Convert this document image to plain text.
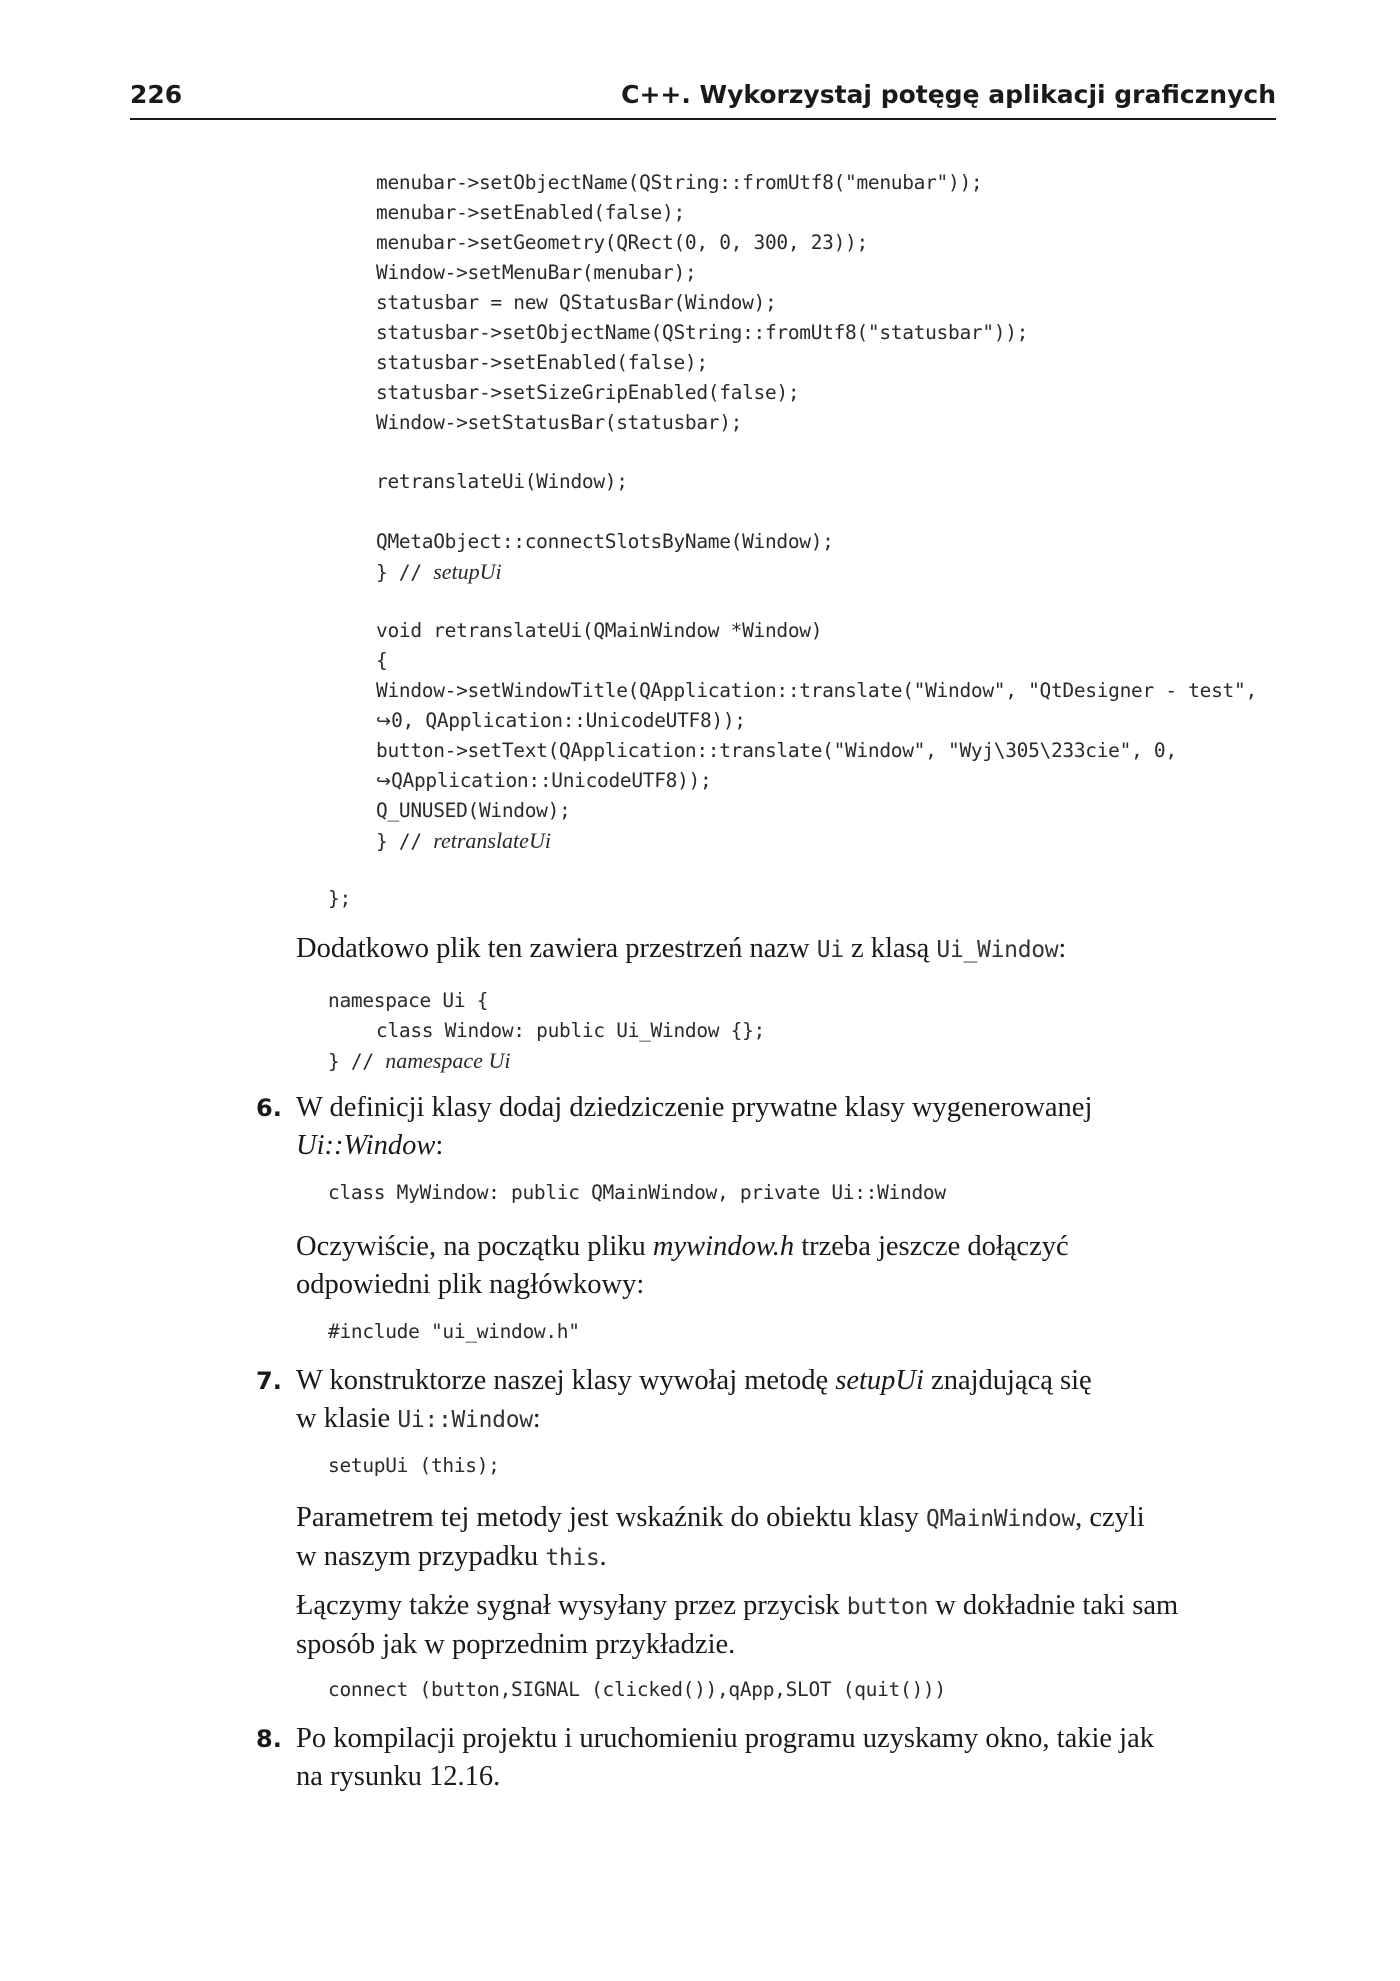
226	C++. Wykorzystaj potęgę aplikacji graficznych
menubar->setObjectName(QString::fromUtf8("menubar"));
menubar->setEnabled(false);
menubar->setGeometry(QRect(0, 0, 300, 23));
Window->setMenuBar(menubar);
statusbar = new QStatusBar(Window);
statusbar->setObjectName(QString::fromUtf8("statusbar"));
statusbar->setEnabled(false);
statusbar->setSizeGripEnabled(false);
Window->setStatusBar(statusbar);
retranslateUi(Window);
QMetaObject::connectSlotsByName(Window);
} // setupUi
void retranslateUi(QMainWindow *Window)
{
Window->setWindowTitle(QApplication::translate("Window", "QtDesigner - test",
↪0, QApplication::UnicodeUTF8));
button->setText(QApplication::translate("Window", "Wyj\305\233cie", 0,
↪QApplication::UnicodeUTF8));
Q_UNUSED(Window);
} // retranslateUi
};
Dodatkowo plik ten zawiera przestrzeń nazw Ui z klasą Ui_Window:
namespace Ui {
class Window: public Ui_Window {};
} // namespace Ui
6. W definicji klasy dodaj dziedziczenie prywatne klasy wygenerowanej
Ui::Window:
class MyWindow: public QMainWindow, private Ui::Window
Oczywiście, na początku pliku mywindow.h trzeba jeszcze dołączyć
odpowiedni plik nagłówkowy:
#include "ui_window.h"
7. W konstruktorze naszej klasy wywołaj metodę setupUi znajdującą się
w klasie Ui::Window:
setupUi (this);
Parametrem tej metody jest wskaźnik do obiektu klasy QMainWindow, czyli
w naszym przypadku this.
Łączymy także sygnał wysyłany przez przycisk button w dokładnie taki sam
sposób jak w poprzednim przykładzie.
connect (button,SIGNAL (clicked()),qApp,SLOT (quit()))
8. Po kompilacji projektu i uruchomieniu programu uzyskamy okno, takie jak
na rysunku 12.16.
